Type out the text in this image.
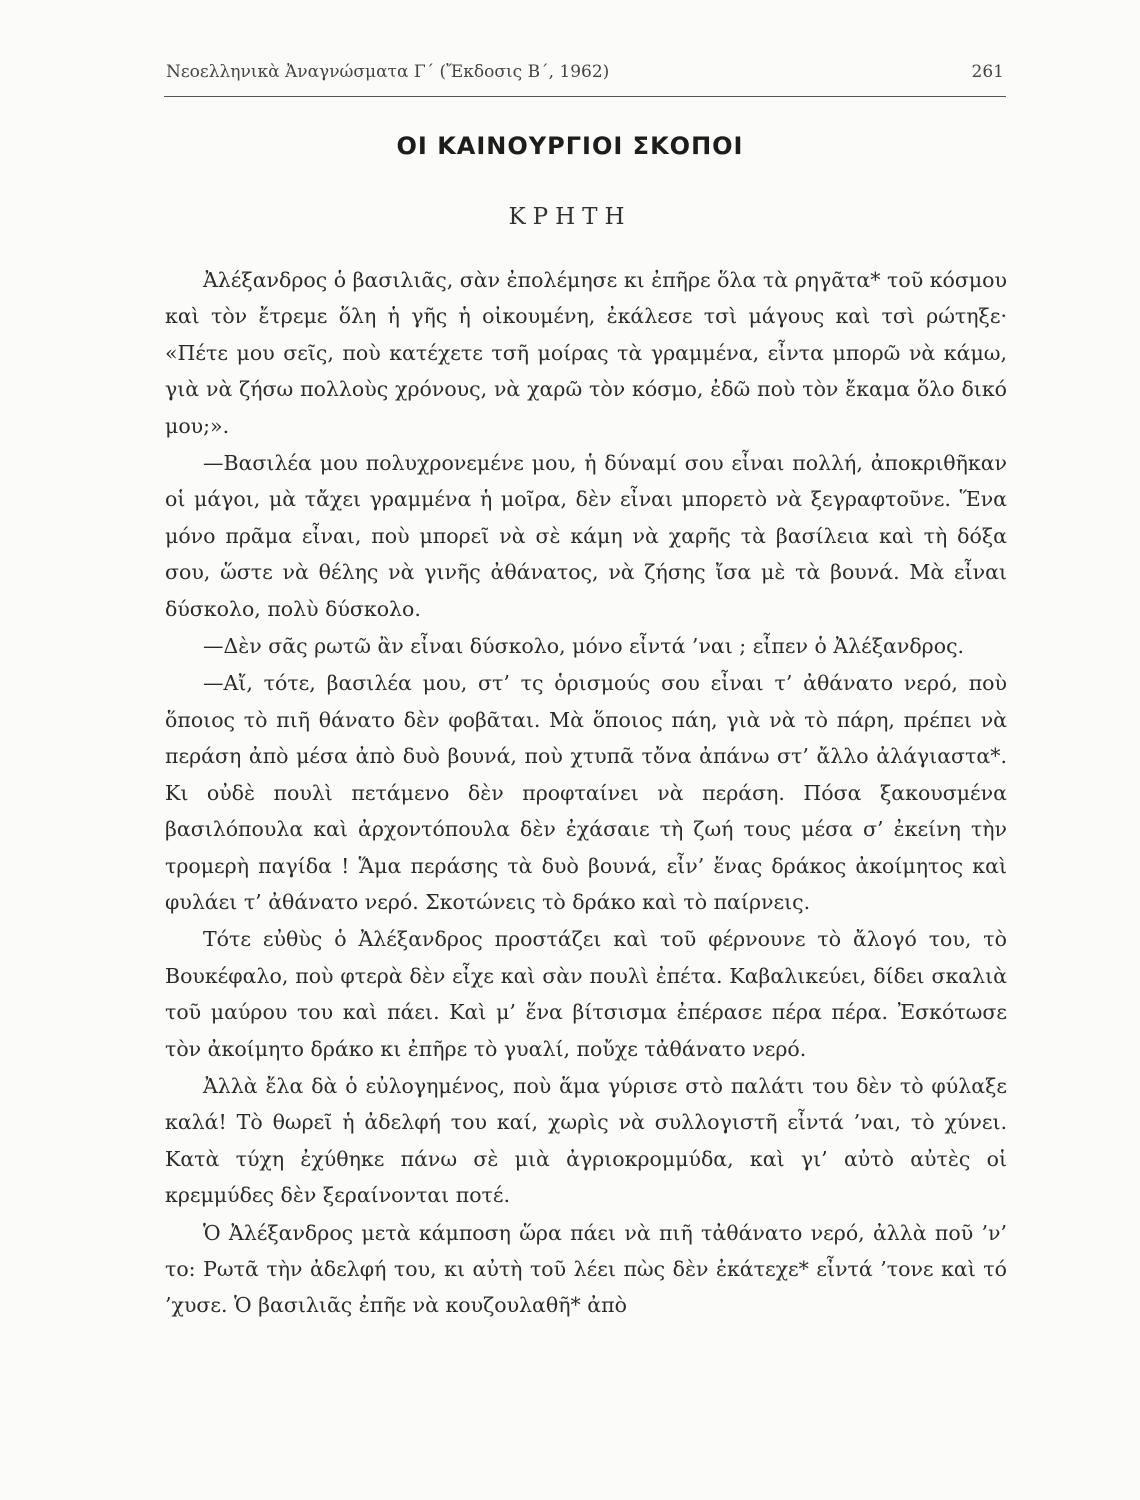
Νεοελληνικὰ Ἀναγνώσματα Γ΄ (Ἔκδοσις Β΄, 1962)	261
ΟΙ ΚΑΙΝΟΥΡΓΙΟΙ ΣΚΟΠΟΙ
ΚΡΗΤΗ

Ἀλέξανδρος ὁ βασιλιᾶς, σὰν ἐπολέμησε κι ἐπῆρε ὅλα τὰ ρηγᾶτα* τοῦ κόσμου καὶ τὸν ἔτρεμε ὅλη ἡ γῆς ἡ οἰκουμένη, ἐκάλεσε τσὶ μάγους καὶ τσὶ ρώτηξε· «Πέτε μου σεῖς, ποὺ κατέχετε τσῆ μοίρας τὰ γραμμένα, εἶντα μπορῶ νὰ κάμω, γιὰ νὰ ζήσω πολλοὺς χρόνους, νὰ χαρῶ τὸν κόσμο, ἐδῶ ποὺ τὸν ἔκαμα ὅλο δικό μου;».

—Βασιλέα μου πολυχρονεμένε μου, ἡ δύναμί σου εἶναι πολλή, ἀποκριθῆκαν οἱ μάγοι, μὰ τἄχει γραμμένα ἡ μοῖρα, δὲν εἶναι μπορετὸ νὰ ξεγραφτοῦνε. Ἕνα μόνο πρᾶμα εἶναι, ποὺ μπορεῖ νὰ σὲ κάμη νὰ χαρῆς τὰ βασίλεια καὶ τὴ δόξα σου, ὥστε νὰ θέλης νὰ γινῆς ἀθάνατος, νὰ ζήσης ἴσα μὲ τὰ βουνά. Μὰ εἶναι δύσκολο, πολὺ δύσκολο.

—Δὲν σᾶς ρωτῶ ἂν εἶναι δύσκολο, μόνο εἶντά ’ναι ; εἶπεν ὁ Ἀλέξανδρος.

—Αἴ, τότε, βασιλέα μου, στ’ τς ὁρισμούς σου εἶναι τ’ ἀθάνατο νερό, ποὺ ὅποιος τὸ πιῆ θάνατο δὲν φοβᾶται. Μὰ ὅποιος πάη, γιὰ νὰ τὸ πάρη, πρέπει νὰ περάση ἀπὸ μέσα ἀπὸ δυὸ βουνά, ποὺ χτυπᾶ τὄνα ἀπάνω στ’ ἄλλο ἀλάγιαστα*. Κι οὐδὲ πουλὶ πετάμενο δὲν προφταίνει νὰ περάση. Πόσα ξακουσμένα βασιλόπουλα καὶ ἀρχοντόπουλα δὲν ἐχάσαιε τὴ ζωή τους μέσα σ’ ἐκείνη τὴν τρομερὴ παγίδα ! Ἅμα περάσης τὰ δυὸ βουνά, εἶν’ ἕνας δράκος ἀκοίμητος καὶ φυλάει τ’ ἀθάνατο νερό. Σκοτώνεις τὸ δράκο καὶ τὸ παίρνεις.

Τότε εὐθὺς ὁ Ἀλέξανδρος προστάζει καὶ τοῦ φέρνουνε τὸ ἄλογό του, τὸ Βουκέφαλο, ποὺ φτερὰ δὲν εἶχε καὶ σὰν πουλὶ ἐπέτα. Καβαλικεύει, δίδει σκαλιὰ τοῦ μαύρου του καὶ πάει. Καὶ μ’ ἕνα βίτσισμα ἐπέρασε πέρα πέρα. Ἐσκότωσε τὸν ἀκοίμητο δράκο κι ἐπῆρε τὸ γυαλί, ποὔχε τἀθάνατο νερό.

Ἀλλὰ ἔλα δὰ ὁ εὐλογημένος, ποὺ ἅμα γύρισε στὸ παλάτι του δὲν τὸ φύλαξε καλά! Τὸ θωρεῖ ἡ ἀδελφή του καί, χωρὶς νὰ συλλογιστῆ εἶντά ’ναι, τὸ χύνει. Κατὰ τύχη ἐχύθηκε πάνω σὲ μιὰ ἀγριοκρομμύδα, καὶ γι’ αὐτὸ αὐτὲς οἱ κρεμμύδες δὲν ξεραίνονται ποτέ.

Ὁ Ἀλέξανδρος μετὰ κάμποση ὥρα πάει νὰ πιῆ τἀθάνατο νερό, ἀλλὰ ποῦ ’ν’ το: Ρωτᾶ τὴν ἀδελφή του, κι αὐτὴ τοῦ λέει πὼς δὲν ἐκάτεχε* εἶντά ’τονε καὶ τό ’χυσε. Ὁ βασιλιᾶς ἐπῆε νὰ κουζουλαθῆ* ἀπὸ
